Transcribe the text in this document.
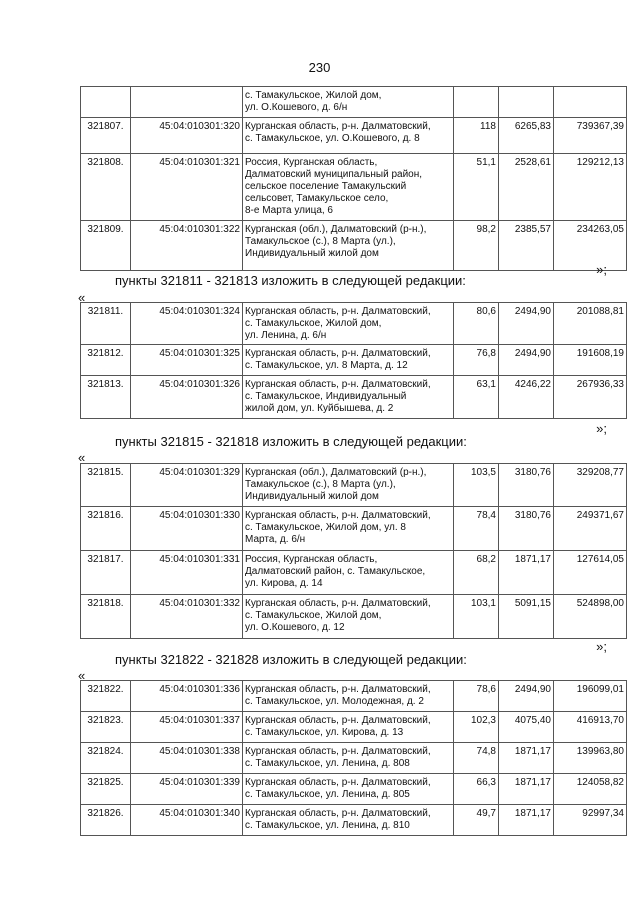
230

		с. Тамакульское, Жилой дом,
ул. О.Кошевого, д. 6/н			

321807.	45:04:010301:320	Курганская область, р-н. Далматовский,
с. Тамакульское, ул. О.Кошевого, д. 8	118	6265,83	739367,39
321808.	45:04:010301:321	Россия, Курганская область,
Далматовский муниципальный район,
сельское поселение Тамакульский
сельсовет, Тамакульское село,
8-е Марта улица, 6	51,1	2528,61	129212,13
321809.	45:04:010301:322	Курганская (обл.), Далматовский (р-н.),
Тамакульское (с.), 8 Марта (ул.),
Индивидуальный жилой дом	98,2	2385,57	234263,05
»;
пункты 321811 - 321813 изложить в следующей редакции:
«
321811.	45:04:010301:324	Курганская область, р-н. Далматовский,
с. Тамакульское, Жилой дом,
ул. Ленина, д. 6/н	80,6	2494,90	201088,81
321812.	45:04:010301:325	Курганская область, р-н. Далматовский,
с. Тамакульское, ул. 8 Марта, д. 12	76,8	2494,90	191608,19
321813.	45:04:010301:326	Курганская область, р-н. Далматовский,
с. Тамакульское, Индивидуальный
жилой дом, ул. Куйбышева, д. 2	63,1	4246,22	267936,33
»;
пункты 321815 - 321818 изложить в следующей редакции:
«
321815.	45:04:010301:329	Курганская (обл.), Далматовский (р-н.),
Тамакульское (с.), 8 Марта (ул.),
Индивидуальный жилой дом	103,5	3180,76	329208,77
321816.	45:04:010301:330	Курганская область, р-н. Далматовский,
с. Тамакульское, Жилой дом, ул. 8
Марта, д. 6/н	78,4	3180,76	249371,67
321817.	45:04:010301:331	Россия, Курганская область,
Далматовский район, с. Тамакульское,
ул. Кирова, д. 14	68,2	1871,17	127614,05
321818.	45:04:010301:332	Курганская область, р-н. Далматовский,
с. Тамакульское, Жилой дом,
ул. О.Кошевого, д. 12	103,1	5091,15	524898,00
»;
пункты 321822 - 321828 изложить в следующей редакции:
«
321822.	45:04:010301:336	Курганская область, р-н. Далматовский,
с. Тамакульское, ул. Молодежная, д. 2	78,6	2494,90	196099,01
321823.	45:04:010301:337	Курганская область, р-н. Далматовский,
с. Тамакульское, ул. Кирова, д. 13	102,3	4075,40	416913,70
321824.	45:04:010301:338	Курганская область, р-н. Далматовский,
с. Тамакульское, ул. Ленина, д. 808	74,8	1871,17	139963,80
321825.	45:04:010301:339	Курганская область, р-н. Далматовский,
с. Тамакульское, ул. Ленина, д. 805	66,3	1871,17	124058,82
321826.	45:04:010301:340	Курганская область, р-н. Далматовский,
с. Тамакульское, ул. Ленина, д. 810	49,7	1871,17	92997,34
